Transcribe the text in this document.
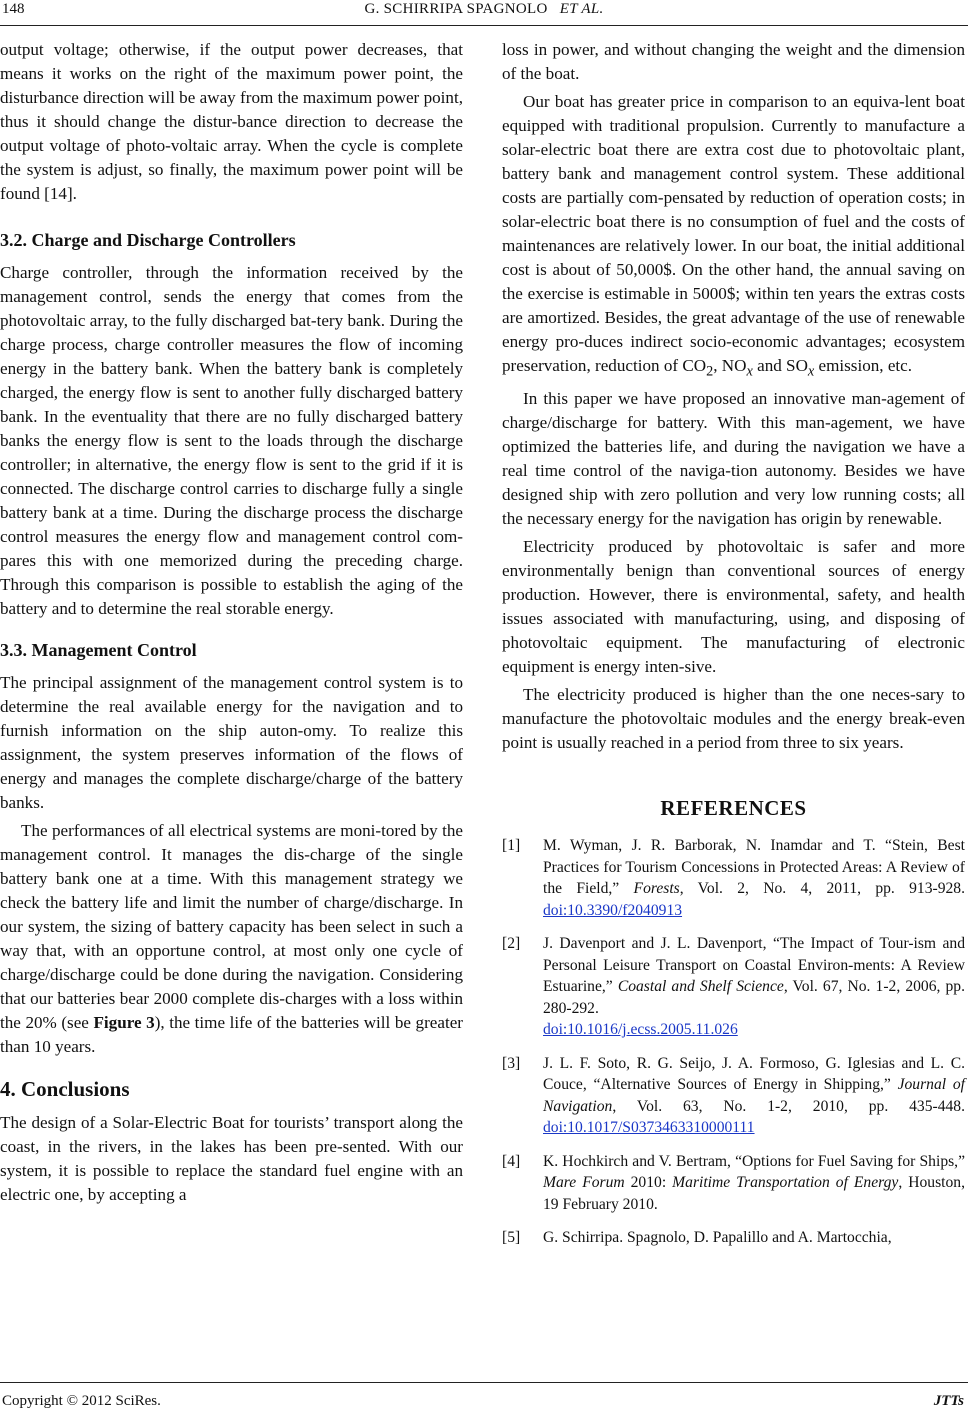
148	G. SCHIRRIPA SPAGNOLO ET AL.

output voltage; otherwise, if the output power decreases, that means it works on the right of the maximum power point, the disturbance direction will be away from the maximum power point, thus it should change the distur-bance direction to decrease the output voltage of photo-voltaic array. When the cycle is complete the system is adjust, so finally, the maximum power point will be found [14].

3.2. Charge and Discharge Controllers

Charge controller, through the information received by the management control, sends the energy that comes from the photovoltaic array, to the fully discharged bat-tery bank. During the charge process, charge controller measures the flow of incoming energy in the battery bank. When the battery bank is completely charged, the energy flow is sent to another fully discharged battery bank. In the eventuality that there are no fully discharged battery banks the energy flow is sent to the loads through the discharge controller; in alternative, the energy flow is sent to the grid if it is connected. The discharge control carries to discharge fully a single battery bank at a time. During the discharge process the discharge control measures the energy flow and management control com-pares this with one memorized during the preceding charge. Through this comparison is possible to establish the aging of the battery and to determine the real storable energy.

3.3. Management Control

The principal assignment of the management control system is to determine the real available energy for the navigation and to furnish information on the ship auton-omy. To realize this assignment, the system preserves information of the flows of energy and manages the complete discharge/charge of the battery banks.

The performances of all electrical systems are moni-tored by the management control. It manages the dis-charge of the single battery bank one at a time. With this management strategy we check the battery life and limit the number of charge/discharge. In our system, the sizing of battery capacity has been select in such a way that, with an opportune control, at most only one cycle of charge/discharge could be done during the navigation. Considering that our batteries bear 2000 complete dis-charges with a loss within the 20% (see Figure 3), the time life of the batteries will be greater than 10 years.

4. Conclusions

The design of a Solar-Electric Boat for tourists’ transport along the coast, in the rivers, in the lakes has been pre-sented. With our system, it is possible to replace the standard fuel engine with an electric one, by accepting a

loss in power, and without changing the weight and the dimension of the boat.

Our boat has greater price in comparison to an equiva-lent boat equipped with traditional propulsion. Currently to manufacture a solar-electric boat there are extra cost due to photovoltaic plant, battery bank and management control system. These additional costs are partially com-pensated by reduction of operation costs; in solar-electric boat there is no consumption of fuel and the costs of maintenances are relatively lower. In our boat, the initial additional cost is about of 50,000$. On the other hand, the annual saving on the exercise is estimable in 5000$; within ten years the extras costs are amortized. Besides, the great advantage of the use of renewable energy pro-duces indirect socio-economic advantages; ecosystem preservation, reduction of $CO_2$, $NO_x$ and $SO_x$ emission, etc.

In this paper we have proposed an innovative man-agement of charge/discharge for battery. With this man-agement, we have optimized the batteries life, and during the navigation we have a real time control of the naviga-tion autonomy. Besides we have designed ship with zero pollution and very low running costs; all the necessary energy for the navigation has origin by renewable.

Electricity produced by photovoltaic is safer and more environmentally benign than conventional sources of energy production. However, there is environmental, safety, and health issues associated with manufacturing, using, and disposing of photovoltaic equipment. The manufacturing of electronic equipment is energy inten-sive.

The electricity produced is higher than the one neces-sary to manufacture the photovoltaic modules and the energy break-even point is usually reached in a period from three to six years.

REFERENCES
[1] M. Wyman, J. R. Barborak, N. Inamdar and T. “Stein, Best Practices for Tourism Concessions in Protected Areas: A Review of the Field,” Forests, Vol. 2, No. 4, 2011, pp. 913-928. doi:10.3390/f2040913
[2] J. Davenport and J. L. Davenport, “The Impact of Tour-ism and Personal Leisure Transport on Coastal Environ-ments: A Review Estuarine,” Coastal and Shelf Science, Vol. 67, No. 1-2, 2006, pp. 280-292.
doi:10.1016/j.ecss.2005.11.026
[3] J. L. F. Soto, R. G. Seijo, J. A. Formoso, G. Iglesias and L. C. Couce, “Alternative Sources of Energy in Shipping,” Journal of Navigation, Vol. 63, No. 1-2, 2010, pp. 435-448. doi:10.1017/S0373463310000111
[4] K. Hochkirch and V. Bertram, “Options for Fuel Saving for Ships,” Mare Forum 2010: Maritime Transportation of Energy, Houston, 19 February 2010.
[5] G. Schirripa. Spagnolo, D. Papalillo and A. Martocchia,
Copyright © 2012 SciRes.	JTTs
